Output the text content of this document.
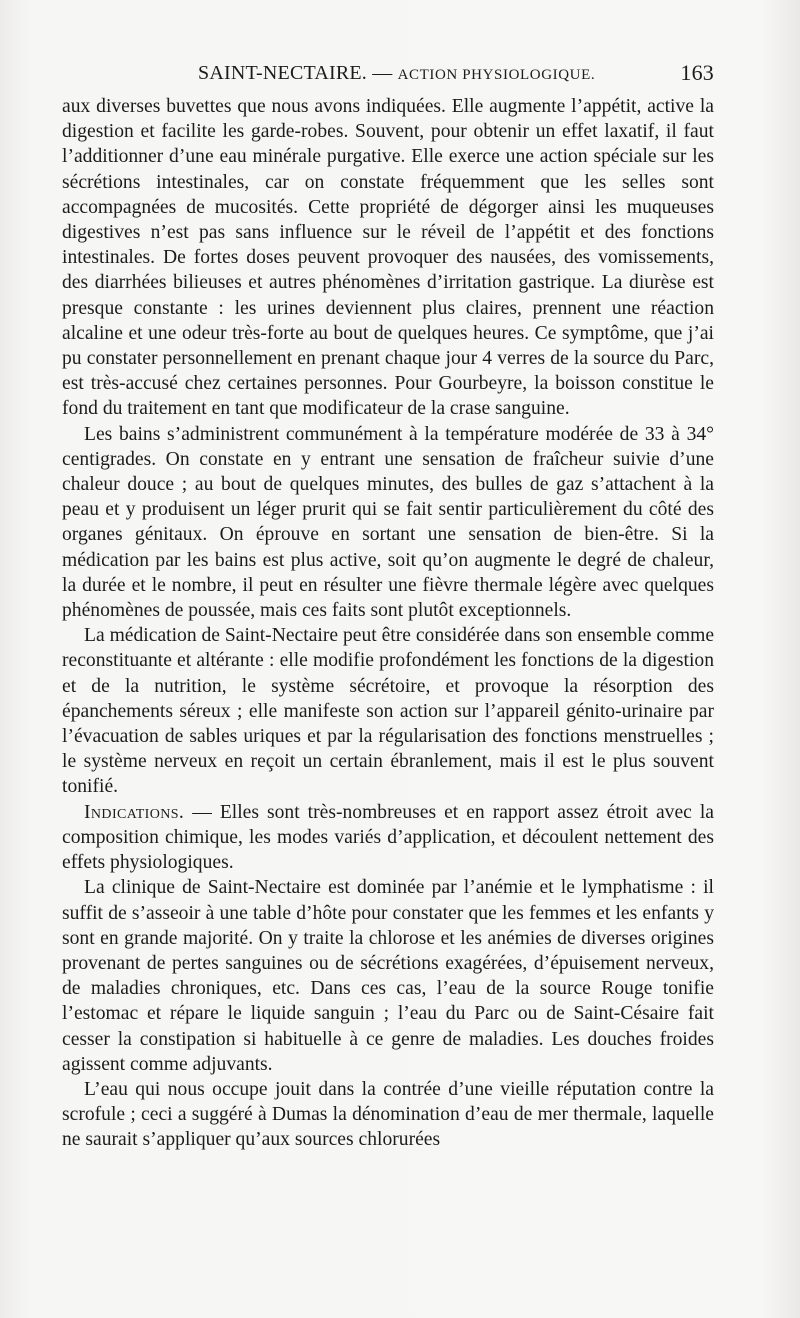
SAINT-NECTAIRE. — ACTION PHYSIOLOGIQUE.	163

aux diverses buvettes que nous avons indiquées. Elle augmente l’appétit, active la digestion et facilite les garde-robes. Souvent, pour obtenir un effet laxatif, il faut l’additionner d’une eau minérale purgative. Elle exerce une action spéciale sur les sécrétions intestinales, car on constate fréquemment que les selles sont accompagnées de mucosités. Cette propriété de dégorger ainsi les muqueuses digestives n’est pas sans influence sur le réveil de l’appétit et des fonctions intestinales. De fortes doses peuvent provoquer des nausées, des vomissements, des diarrhées bilieuses et autres phénomènes d’irritation gastrique. La diurèse est presque constante : les urines deviennent plus claires, prennent une réaction alcaline et une odeur très-forte au bout de quelques heures. Ce symptôme, que j’ai pu constater personnellement en prenant chaque jour 4 verres de la source du Parc, est très-accusé chez certaines personnes. Pour Gourbeyre, la boisson constitue le fond du traitement en tant que modificateur de la crase sanguine.

Les bains s’administrent communément à la température modérée de 33 à 34° centigrades. On constate en y entrant une sensation de fraîcheur suivie d’une chaleur douce ; au bout de quelques minutes, des bulles de gaz s’attachent à la peau et y produisent un léger prurit qui se fait sentir particulièrement du côté des organes génitaux. On éprouve en sortant une sensation de bien-être. Si la médication par les bains est plus active, soit qu’on augmente le degré de chaleur, la durée et le nombre, il peut en résulter une fièvre thermale légère avec quelques phénomènes de poussée, mais ces faits sont plutôt exceptionnels.

La médication de Saint-Nectaire peut être considérée dans son ensemble comme reconstituante et altérante : elle modifie profondément les fonctions de la digestion et de la nutrition, le système sécrétoire, et provoque la résorption des épanchements séreux ; elle manifeste son action sur l’appareil génito-urinaire par l’évacuation de sables uriques et par la régularisation des fonctions menstruelles ; le système nerveux en reçoit un certain ébranlement, mais il est le plus souvent tonifié.

Indications. — Elles sont très-nombreuses et en rapport assez étroit avec la composition chimique, les modes variés d’application, et découlent nettement des effets physiologiques.

La clinique de Saint-Nectaire est dominée par l’anémie et le lymphatisme : il suffit de s’asseoir à une table d’hôte pour constater que les femmes et les enfants y sont en grande majorité. On y traite la chlorose et les anémies de diverses origines provenant de pertes sanguines ou de sécrétions exagérées, d’épuisement nerveux, de maladies chroniques, etc. Dans ces cas, l’eau de la source Rouge tonifie l’estomac et répare le liquide sanguin ; l’eau du Parc ou de Saint-Césaire fait cesser la constipation si habituelle à ce genre de maladies. Les douches froides agissent comme adjuvants.

L’eau qui nous occupe jouit dans la contrée d’une vieille réputation contre la scrofule ; ceci a suggéré à Dumas la dénomination d’eau de mer thermale, laquelle ne saurait s’appliquer qu’aux sources chlorurées
